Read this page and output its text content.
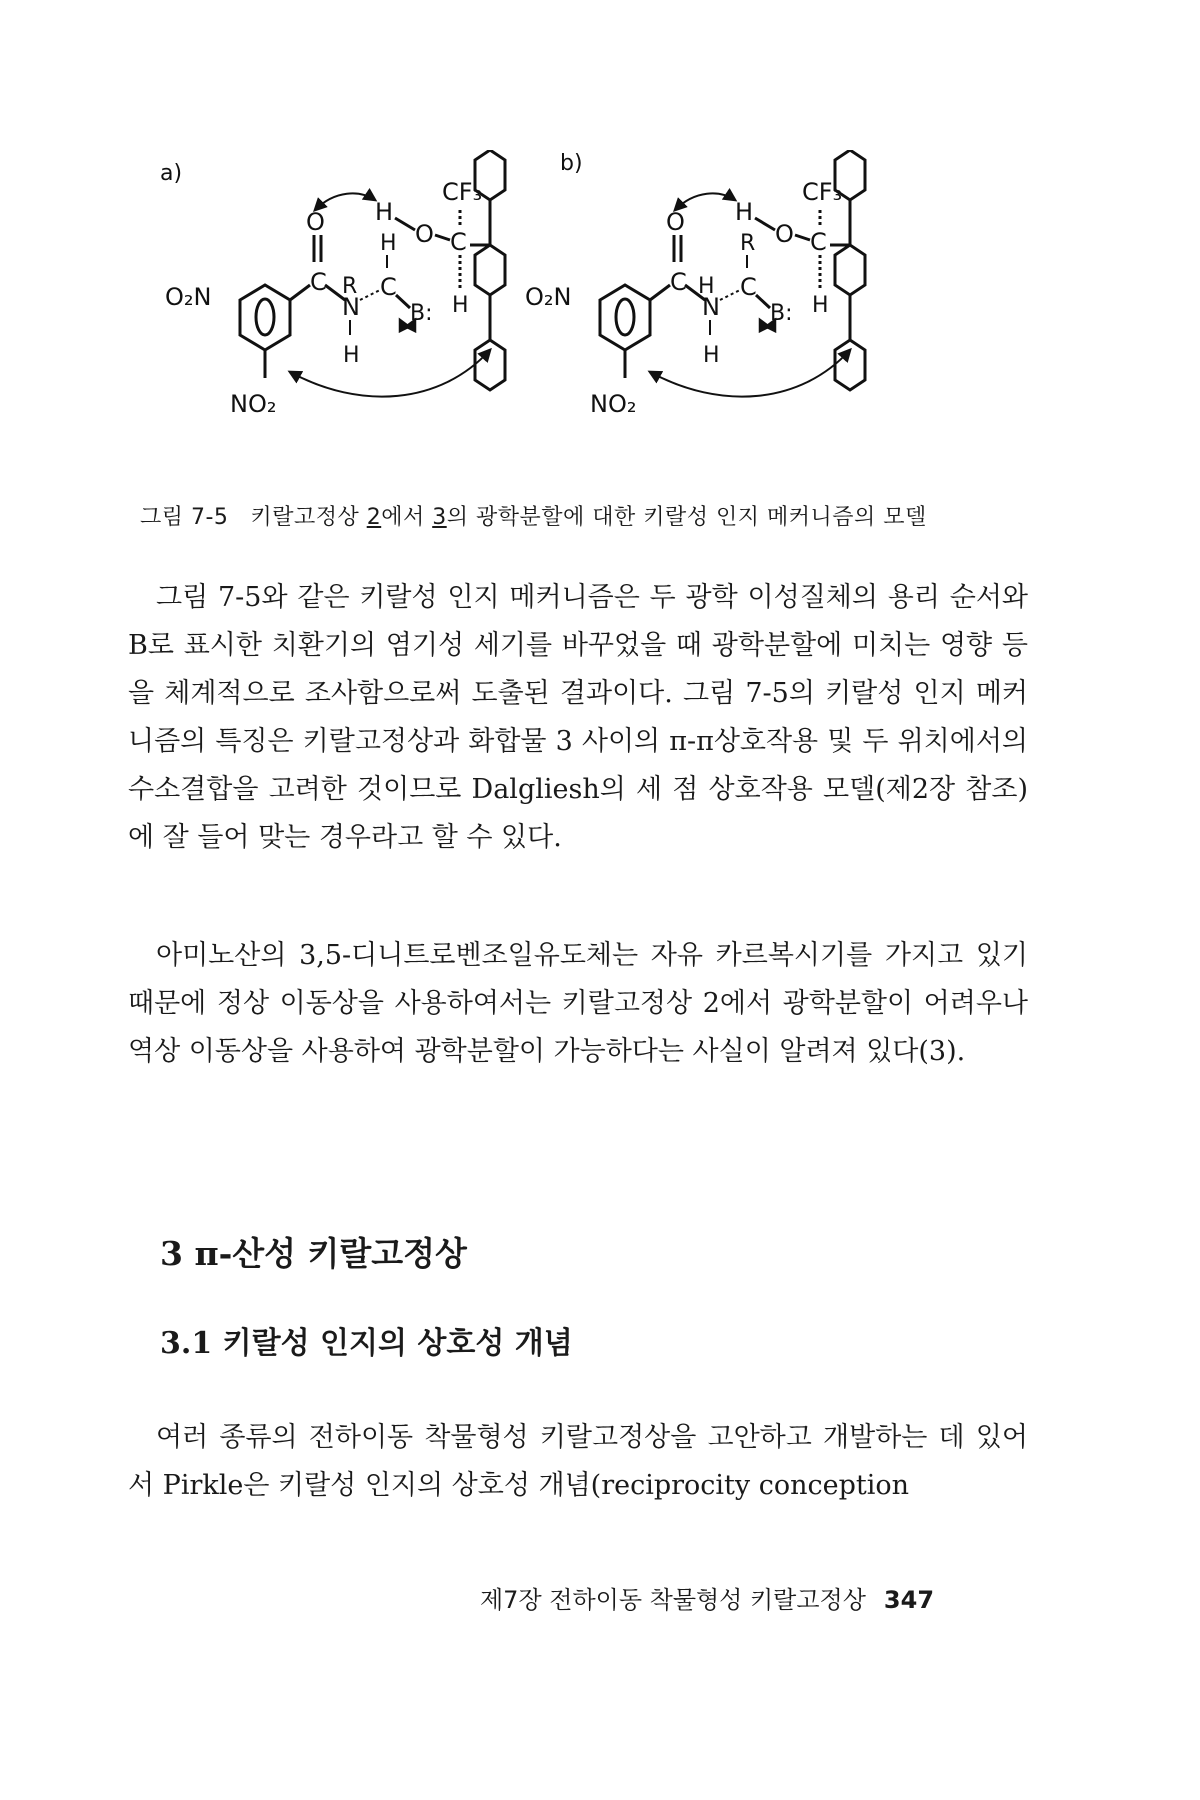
a)
NO₂
O₂N
C
O
N
R
H
C
H
B:
H
O C
CF₃
H
b)
NO₂
O₂N
C
O
N
H
H
C
R
B:
H
O C
CF₃
H
그림 7-5 키랄고정상 2에서 3의 광학분할에 대한 키랄성 인지 메커니즘의 모델

그림 7-5와 같은 키랄성 인지 메커니즘은 두 광학 이성질체의 용리 순서와 B로 표시한 치환기의 염기성 세기를 바꾸었을 때 광학분할에 미치는 영향 등을 체계적으로 조사함으로써 도출된 결과이다. 그림 7-5의 키랄성 인지 메커니즘의 특징은 키랄고정상과 화합물 3 사이의 π-π상호작용 및 두 위치에서의 수소결합을 고려한 것이므로 Dalgliesh의 세 점 상호작용 모델(제2장 참조)에 잘 들어 맞는 경우라고 할 수 있다.

아미노산의 3,5-디니트로벤조일유도체는 자유 카르복시기를 가지고 있기 때문에 정상 이동상을 사용하여서는 키랄고정상 2에서 광학분할이 어려우나 역상 이동상을 사용하여 광학분할이 가능하다는 사실이 알려져 있다(3).

3 π-산성 키랄고정상
3.1 키랄성 인지의 상호성 개념

여러 종류의 전하이동 착물형성 키랄고정상을 고안하고 개발하는 데 있어서 Pirkle은 키랄성 인지의 상호성 개념(reciprocity conception

제7장 전하이동 착물형성 키랄고정상 347
